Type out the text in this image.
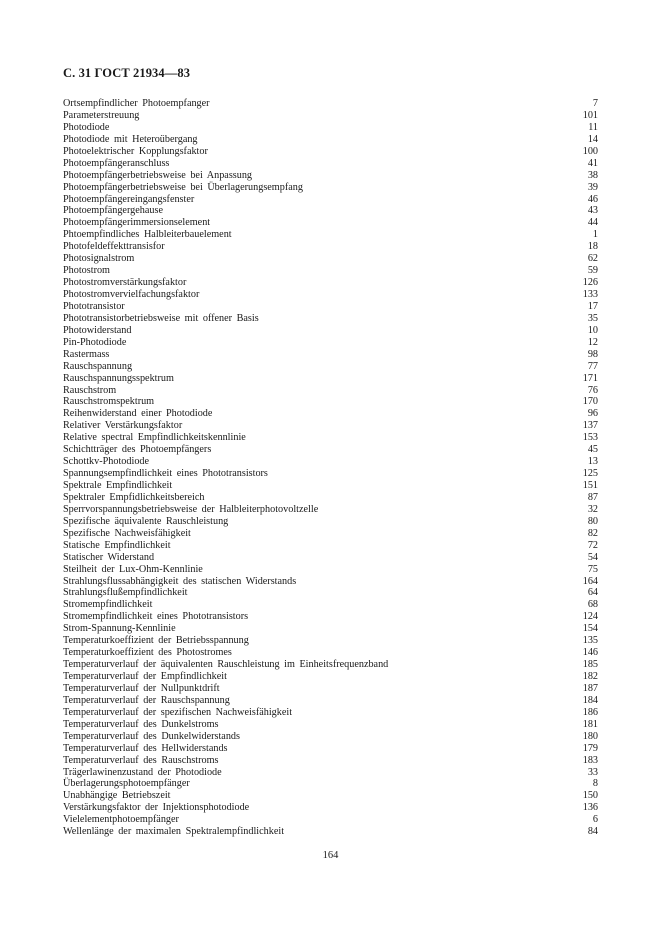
С. 31 ГОСТ 21934—83
Ortsempfindlicher Photoempfanger	7
Parameterstreuung	101
Photodiode	11
Photodiode mit Heteroübergang	14
Photoelektrischer Kopplungsfaktor	100
Photoempfängeranschluss	41
Photoempfängerbetriebsweise bei Anpassung	38
Photoempfängerbetriebsweise bei Überlagerungsempfang	39
Photoempfängereingangsfenster	46
Photoempfängergehause	43
Photoempfängerimmersionselement	44
Phtoempfindliches Halbleiterbauelement	1
Photofeldeffekttransisfor	18
Photosignalstrom	62
Photostrom	59
Photostromverstärkungsfaktor	126
Photostromvervielfachungsfaktor	133
Phototransistor	17
Phototransistorbetriebsweise mit offener Basis	35
Photowiderstand	10
Pin-Photodiode	12
Rastermass	98
Rauschspannung	77
Rauschspannungsspektrum	171
Rauschstrom	76
Rauschstromspektrum	170
Reihenwiderstand einer Photodiode	96
Relativer Verstärkungsfaktor	137
Relative spectral Empfindlichkeitskennlinie	153
Schichtträger des Photoempfängers	45
Schottkv-Photodiode	13
Spannungsempfindlichkeit eines Phototransistors	125
Spektrale Empfindlichkeit	151
Spektraler Empfidlichkeitsbereich	87
Sperrvorspannungsbetriebsweise der Halbleiterphotovoltzelle	32
Spezifische äquivalente Rauschleistung	80
Spezifische Nachweisfähigkeit	82
Statische Empfindlichkeit	72
Statischer Widerstand	54
Steilheit der Lux-Ohm-Kennlinie	75
Strahlungsflussabhängigkeit des statischen Widerstands	164
Strahlungsflußempfindlichkeit	64
Stromempfindlichkeit	68
Stromempfindlichkeit eines Phototransistors	124
Strom-Spannung-Kennlinie	154
Temperaturkoeffizient der Betriebsspannung	135
Temperaturkoeffizient des Photostromes	146
Temperaturverlauf der äquivalenten Rauschleistung im Einheitsfrequenzband	185
Temperaturverlauf der Empfindlichkeit	182
Temperaturverlauf der Nullpunktdrift	187
Temperaturverlauf der Rauschspannung	184
Temperaturverlauf der spezifischen Nachweisfähigkeit	186
Temperaturverlauf des Dunkelstroms	181
Temperaturverlauf des Dunkelwiderstands	180
Temperaturverlauf des Hellwiderstands	179
Temperaturverlauf des Rauschstroms	183
Trägerlawinenzustand der Photodiode	33
Überlagerungsphotoempfänger	8
Unabhängige Betriebszeit	150
Verstärkungsfaktor der Injektionsphotodiode	136
Vielelementphotoempfänger	6
Wellenlänge der maximalen Spektralempfindlichkeit	84
164
